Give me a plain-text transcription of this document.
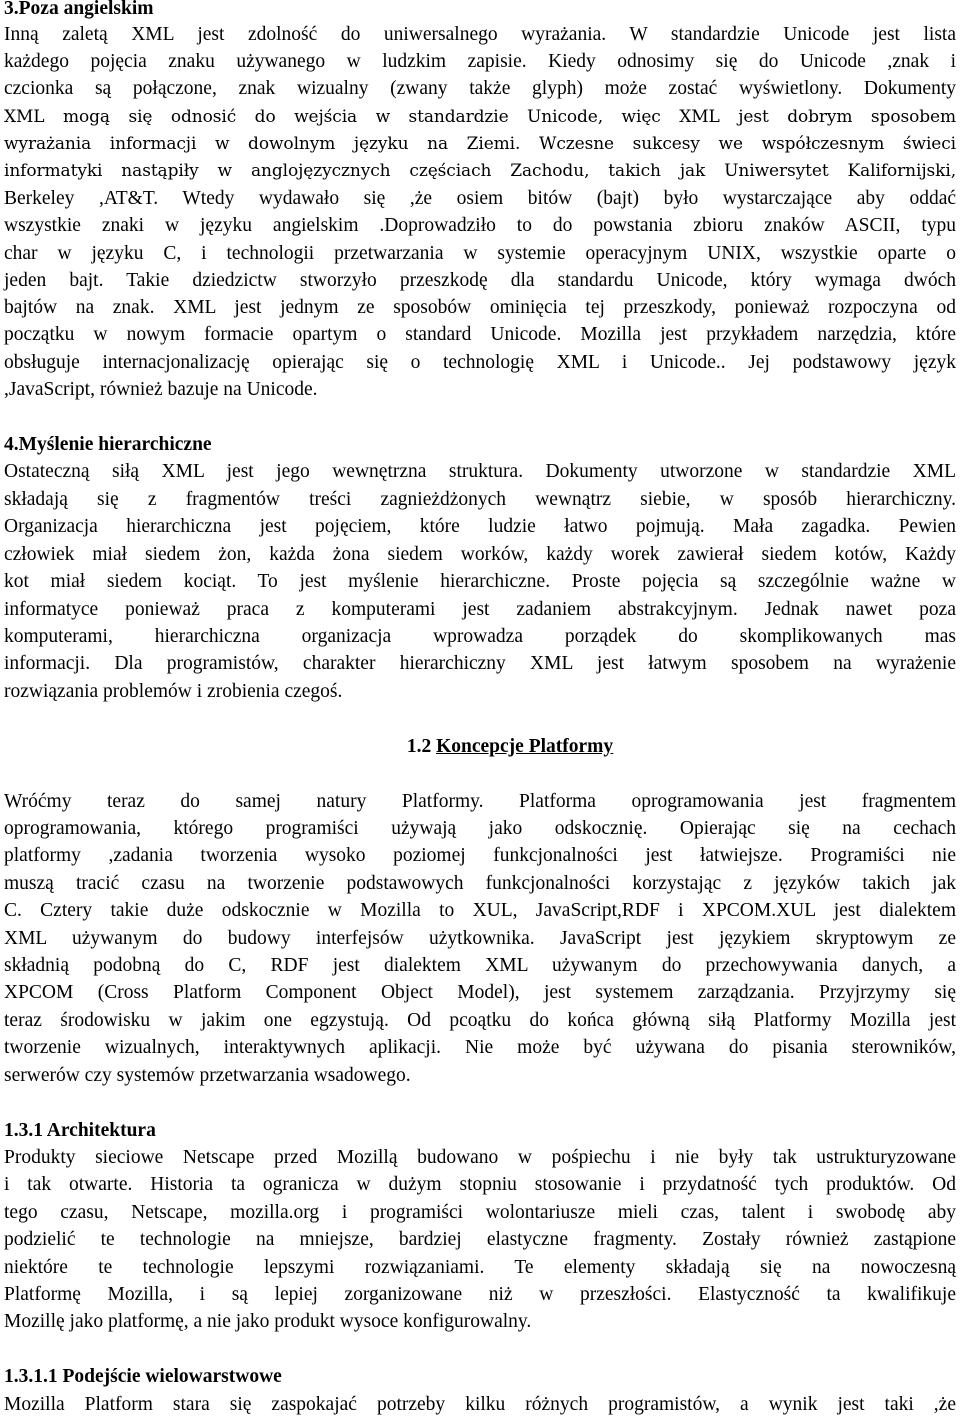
3.Poza angielskim
Inną zaletą XML jest zdolność do uniwersalnego wyrażania. W standardzie Unicode jest lista
każdego pojęcia znaku używanego w ludzkim zapisie. Kiedy odnosimy się do Unicode ,znak i
czcionka są połączone, znak wizualny (zwany także glyph) może zostać wyświetlony. Dokumenty
XML mogą się odnosić do wejścia w standardzie Unicode, więc XML jest dobrym sposobem
wyrażania informacji w dowolnym języku na Ziemi. Wczesne sukcesy we współczesnym świeci
informatyki nastąpiły w anglojęzycznych częściach Zachodu, takich jak Uniwersytet Kalifornijski,
Berkeley ,AT&T. Wtedy wydawało się ,że osiem bitów (bajt) było wystarczające aby oddać
wszystkie znaki w języku angielskim .Doprowadziło to do powstania zbioru znaków ASCII, typu
char w języku C, i technologii przetwarzania w systemie operacyjnym UNIX, wszystkie oparte o
jeden bajt. Takie dziedzictw stworzyło przeszkodę dla standardu Unicode, który wymaga dwóch
bajtów na znak. XML jest jednym ze sposobów ominięcia tej przeszkody, ponieważ rozpoczyna od
początku w nowym formacie opartym o standard Unicode. Mozilla jest przykładem narzędzia, które
obsługuje internacjonalizację opierając się o technologię XML i Unicode.. Jej podstawowy język
,JavaScript, również bazuje na Unicode.
4.Myślenie hierarchiczne
Ostateczną siłą XML jest jego wewnętrzna struktura. Dokumenty utworzone w standardzie XML
składają się z fragmentów treści zagnieżdżonych wewnątrz siebie, w sposób hierarchiczny.
Organizacja hierarchiczna jest pojęciem, które ludzie łatwo pojmują. Mała zagadka. Pewien
człowiek miał siedem żon, każda żona siedem worków, każdy worek zawierał siedem kotów, Każdy
kot miał siedem kociąt. To jest myślenie hierarchiczne. Proste pojęcia są szczególnie ważne w
informatyce ponieważ praca z komputerami jest zadaniem abstrakcyjnym. Jednak nawet poza
komputerami, hierarchiczna organizacja wprowadza porządek do skomplikowanych mas
informacji. Dla programistów, charakter hierarchiczny XML jest łatwym sposobem na wyrażenie
rozwiązania problemów i zrobienia czegoś.
1.2 Koncepcje Platformy
Wróćmy teraz do samej natury Platformy. Platforma oprogramowania jest fragmentem
oprogramowania, którego programiści używają jako odskocznię. Opierając się na cechach
platformy ,zadania tworzenia wysoko poziomej funkcjonalności jest łatwiejsze. Programiści nie
muszą tracić czasu na tworzenie podstawowych funkcjonalności korzystając z języków takich jak
C. Cztery takie duże odskocznie w Mozilla to XUL, JavaScript,RDF i XPCOM.XUL jest dialektem
XML używanym do budowy interfejsów użytkownika. JavaScript jest językiem skryptowym ze
składnią podobną do C, RDF jest dialektem XML używanym do przechowywania danych, a
XPCOM (Cross Platform Component Object Model), jest systemem zarządzania. Przyjrzymy się
teraz środowisku w jakim one egzystują. Od pcoątku do końca główną siłą Platformy Mozilla jest
tworzenie wizualnych, interaktywnych aplikacji. Nie może być używana do pisania sterowników,
serwerów czy systemów przetwarzania wsadowego.
1.3.1 Architektura
Produkty sieciowe Netscape przed Mozillą budowano w pośpiechu i nie były tak ustrukturyzowane
i tak otwarte. Historia ta ogranicza w dużym stopniu stosowanie i przydatność tych produktów. Od
tego czasu, Netscape, mozilla.org i programiści wolontariusze mieli czas, talent i swobodę aby
podzielić te technologie na mniejsze, bardziej elastyczne fragmenty. Zostały również zastąpione
niektóre te technologie lepszymi rozwiązaniami. Te elementy składają się na nowoczesną
Platformę Mozilla, i są lepiej zorganizowane niż w przeszłości. Elastyczność ta kwalifikuje
Mozillę jako platformę, a nie jako produkt wysoce konfigurowalny.
1.3.1.1 Podejście wielowarstwowe
Mozilla Platform stara się zaspokajać potrzeby kilku różnych programistów, a wynik jest taki ,że
